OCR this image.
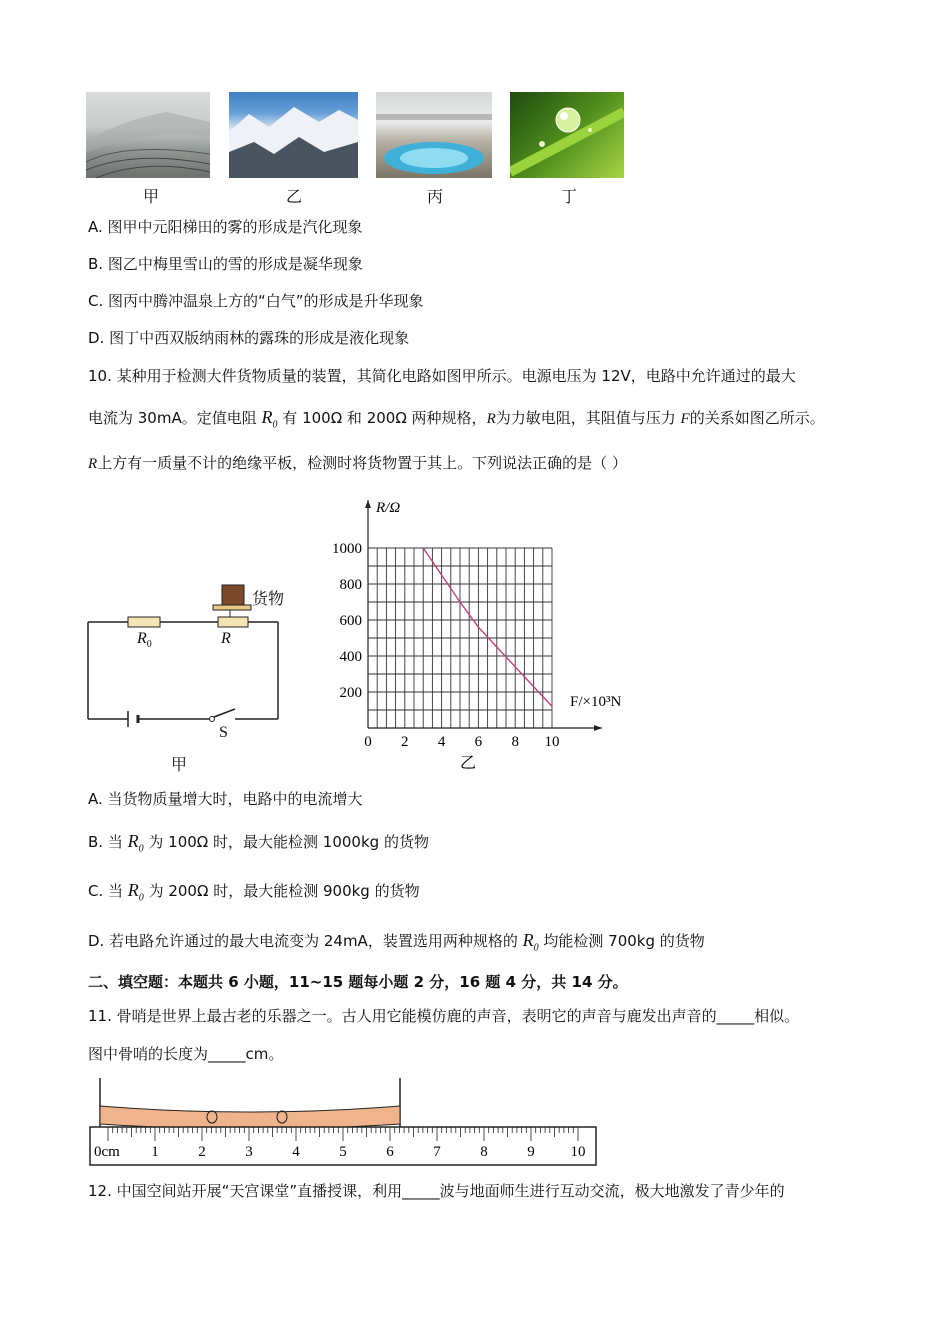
甲	乙	丙	丁
A. 图甲中元阳梯田的雾的形成是汽化现象
B. 图乙中梅里雪山的雪的形成是凝华现象
C. 图丙中腾冲温泉上方的“白气”的形成是升华现象
D. 图丁中西双版纳雨林的露珠的形成是液化现象
10. 某种用于检测大件货物质量的装置，其简化电路如图甲所示。电源电压为 12V，电路中允许通过的最大
电流为 30mA。定值电阻 $R_0$ 有 100Ω 和 200Ω 两种规格，R为力敏电阻，其阻值与压力 F的关系如图乙所示。
R上方有一质量不计的绝缘平板，检测时将货物置于其上。下列说法正确的是（ ）
货物
$R_0$	R
S
甲
0 2 4 6 8 10
200
400
600
800
1000
R/Ω
F/×10³N
乙
A. 当货物质量增大时，电路中的电流增大
B. 当 $R_0$ 为 100Ω 时，最大能检测 1000kg 的货物
C. 当 $R_0$ 为 200Ω 时，最大能检测 900kg 的货物
D. 若电路允许通过的最大电流变为 24mA，装置选用两种规格的 $R_0$ 均能检测 700kg 的货物
二、填空题：本题共 6 小题，11~15 题每小题 2 分，16 题 4 分，共 14 分。
11. 骨哨是世界上最古老的乐器之一。古人用它能模仿鹿的声音，表明它的声音与鹿发出声音的_____相似。
图中骨哨的长度为_____cm。
0cm 1	2	3	4	5	6	7	8	9 10
12. 中国空间站开展“天宫课堂”直播授课，利用_____波与地面师生进行互动交流，极大地激发了青少年的
